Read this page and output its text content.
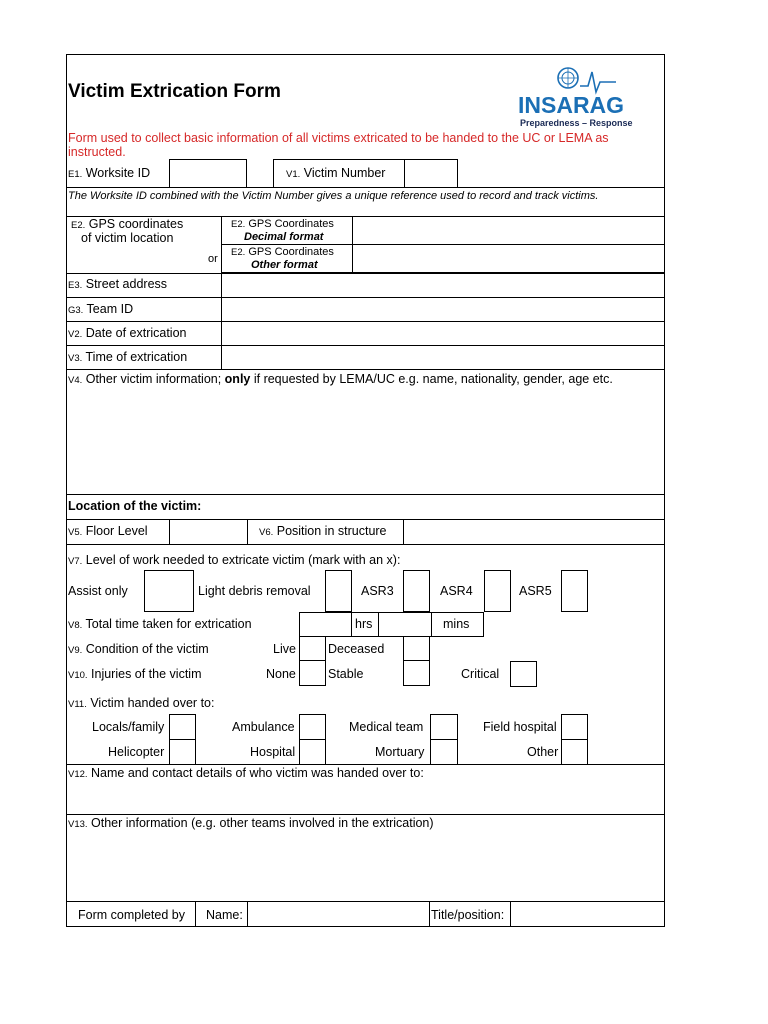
Victim Extrication Form
INSARAG
Preparedness – Response
Form used to collect basic information of all victims extricated to be handed to the UC or LEMA as
instructed.
E1. Worksite ID	V1. Victim Number
The Worksite ID combined with the Victim Number gives a unique reference used to record and track victims.
E2. GPS coordinates
of victim location
or
E2. GPS Coordinates
Decimal format
E2. GPS Coordinates
Other format
E3. Street address
G3. Team ID
V2. Date of extrication
V3. Time of extrication
V4. Other victim information; only if requested by LEMA/UC e.g. name, nationality, gender, age etc.
Location of the victim:
V5. Floor Level	V6. Position in structure
V7. Level of work needed to extricate victim (mark with an x):
Assist only	Light debris removal	ASR3	ASR4	ASR5
V8. Total time taken for extrication	hrs	mins
V9. Condition of the victim	Live	Deceased
V10. Injuries of the victim	None	Stable	Critical
V11. Victim handed over to:
Locals/family	Ambulance	Medical team	Field hospital
Helicopter	Hospital	Mortuary	Other
V12. Name and contact details of who victim was handed over to:
V13. Other information (e.g. other teams involved in the extrication)
Form completed by Name:	Title/position:
